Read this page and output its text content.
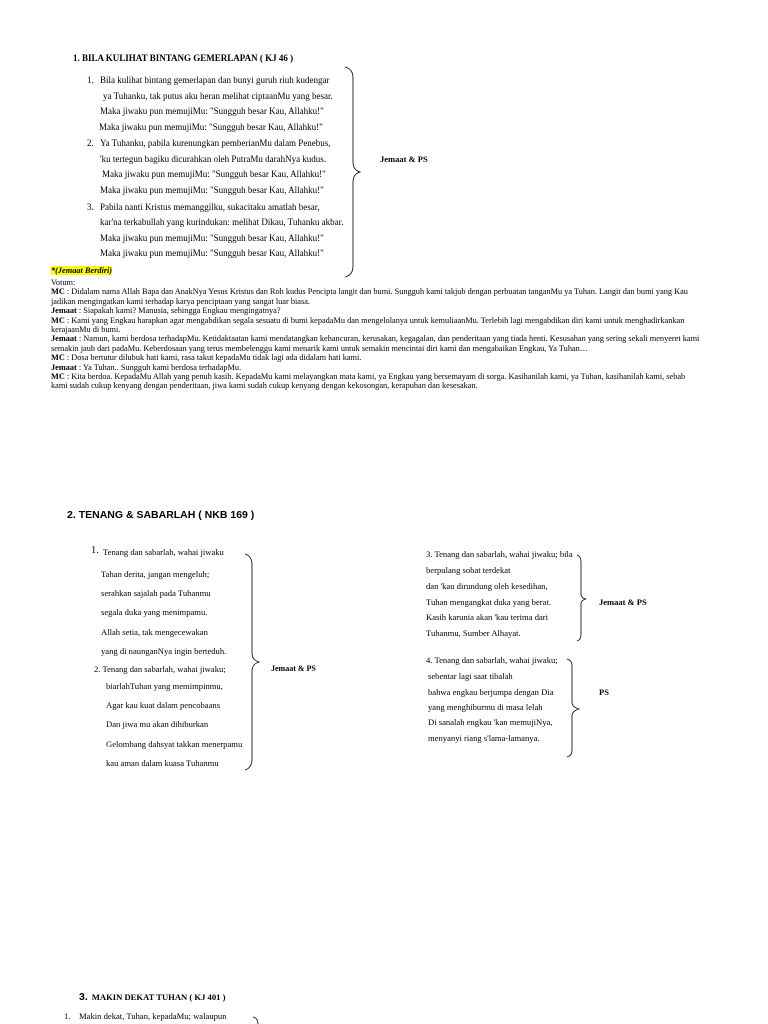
1. BILA KULIHAT BINTANG GEMERLAPAN ( KJ 46 )
1. Bila kulihat bintang gemerlapan dan bunyi guruh riuh kudengar
ya Tuhanku, tak putus aku heran melihat ciptaanMu yang besar.
Maka jiwaku pun memujiMu: "Sungguh besar Kau, Allahku!"
Maka jiwaku pun memujiMu: "Sungguh besar Kau, Allahku!"
2. Ya Tuhanku, pabila kurenungkan pemberianMu dalam Penebus,
'ku tertegun bagiku dicurahkan oleh PutraMu darahNya kudus.
Maka jiwaku pun memujiMu: "Sungguh besar Kau, Allahku!"
Maka jiwaku pun memujiMu: "Sungguh besar Kau, Allahku!"
3. Pabila nanti Kristus memanggilku, sukacitaku amatlah besar,
kar'na terkabullah yang kurindukan: melihat Dikau, Tuhanku akbar.
Maka jiwaku pun memujiMu: "Sungguh besar Kau, Allahku!"
Maka jiwaku pun memujiMu: "Sungguh besar Kau, Allahku!"
Jemaat & PS
*(Jemaat Berdiri)

Votum:

MC : Didalam nama Allah Bapa dan AnakNya Yesus Kristus dan Roh kudus Pencipta langit dan bumi. Sungguh kami takjub dengan perbuatan tanganMu ya Tuhan. Langit dan bumi yang Kau jadikan mengingatkan kami terhadap karya penciptaan yang sangat luar biasa.

Jemaat : Siapakah kami? Manusia, sehingga Engkau mengingatnya?

MC : Kami yang Engkau harapkan agar mengabdikan segala sesuatu di bumi kepadaMu dan mengelolanya untuk kemuliaanMu. Terlebih lagi mengabdikan diri kami untuk menghadirkankan kerajaanMu di bumi.

Jemaat : Namun, kami berdosa terhadapMu. Ketidaktaatan kami mendatangkan kehancuran, kerusakan, kegagalan, dan penderitaan yang tiada henti. Kesusahan yang sering sekali menyeret kami semakin jauh dari padaMu. Keberdosaan yang terus membelenggu kami menarik kami untuk semakin mencintai diri kami dan mengabaikan Engkau, Ya Tuhan…

MC : Dosa bertutur dilubuk hati kami, rasa takut kepadaMu tidak lagi ada didalam hati kami.

Jemaat : Ya Tuhan.. Sungguh kami berdosa terhadapMu.

MC : Kita berdoa. KepadaMu Allah yang penuh kasih. KepadaMu kami melayangkan mata kami, ya Engkau yang bersemayam di sorga. Kasihanilah kami, ya Tuhan, kasihanilah kami, sebab kami sudah cukup kenyang dengan penderitaan, jiwa kami sudah cukup kenyang dengan kekosongan, kerapuhan dan kesesakan.

2. TENANG & SABARLAH ( NKB 169 )
1. Tenang dan sabarlah, wahai jiwaku
Tahan derita, jangan mengeluh;
serahkan sajalah pada Tuhanmu
segala duka yang menimpamu.
Allah setia, tak mengecewakan
yang di naunganNya ingin berteduh.
2. Tenang dan sabarlah, wahai jiwaku;
biarlahTuhan yang memimpinmu,
Agar kau kuat dalam pencobaans
Dan jiwa mu akan dihiburkan
Gelombang dahsyat takkan menerpamu
kau aman dalam kuasa Tuhanmu
Jemaat & PS
3. Tenang dan sabarlah, wahai jiwaku; bila
berpulang sobat terdekat
dan 'kau dirundung oleh kesedihan,
Tuhan mengangkat duka yang berat.
Kasih karunia akan 'kau terima dari
Tuhanmu, Sumber Alhayat.
Jemaat & PS
4. Tenang dan sabarlah, wahai jiwaku;
sebentar lagi saat tibalah
bahwa engkau berjumpa dengan Dia
yang menghiburmu di masa lelah
Di sanalah engkau 'kan memujiNya,
menyanyi riang s'lama-lamanya.
PS
3. MAKIN DEKAT TUHAN ( KJ 401 )
1. Makin dekat, Tuhan, kepadaMu; walaupun
